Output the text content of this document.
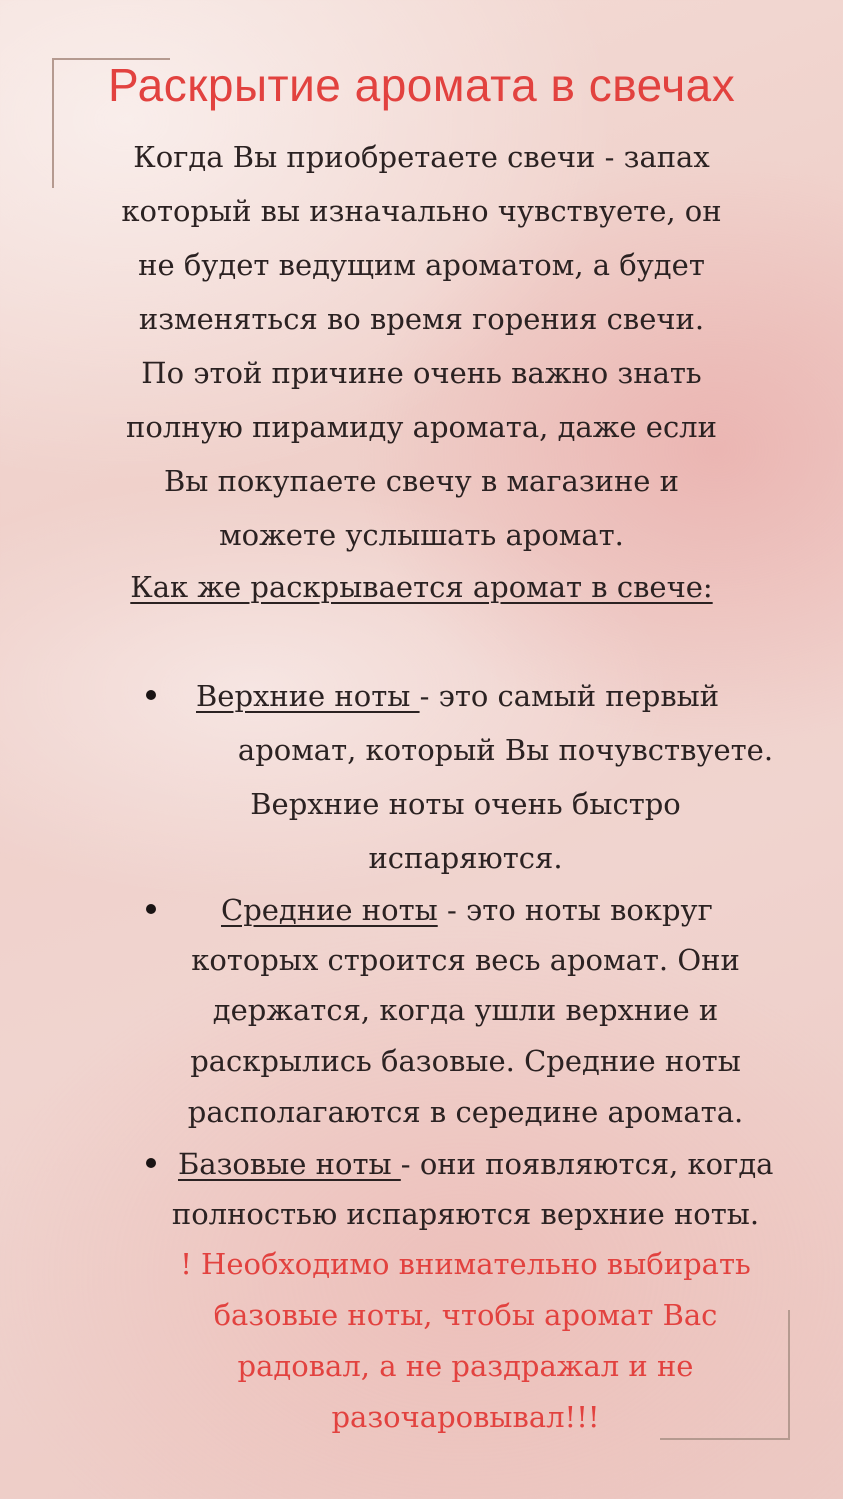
Раскрытие аромата в свечах
Когда Вы приобретаете свечи - запах
который вы изначально чувствуете, он
не будет ведущим ароматом, а будет
изменяться во время горения свечи.
По этой причине очень важно знать
полную пирамиду аромата, даже если
Вы покупаете свечу в магазине и
можете услышать аромат.
Как же раскрывается аромат в свече:
Верхние ноты - это самый первый
аромат, который Вы почувствуете.
Верхние ноты очень быстро
испаряются.
Средние ноты - это ноты вокруг
которых строится весь аромат. Они
держатся, когда ушли верхние и
раскрылись базовые. Средние ноты
располагаются в середине аромата.
Базовые ноты - они появляются, когда
полностью испаряются верхние ноты.
! Необходимо внимательно выбирать
базовые ноты, чтобы аромат Вас
радовал, а не раздражал и не
разочаровывал!!!
